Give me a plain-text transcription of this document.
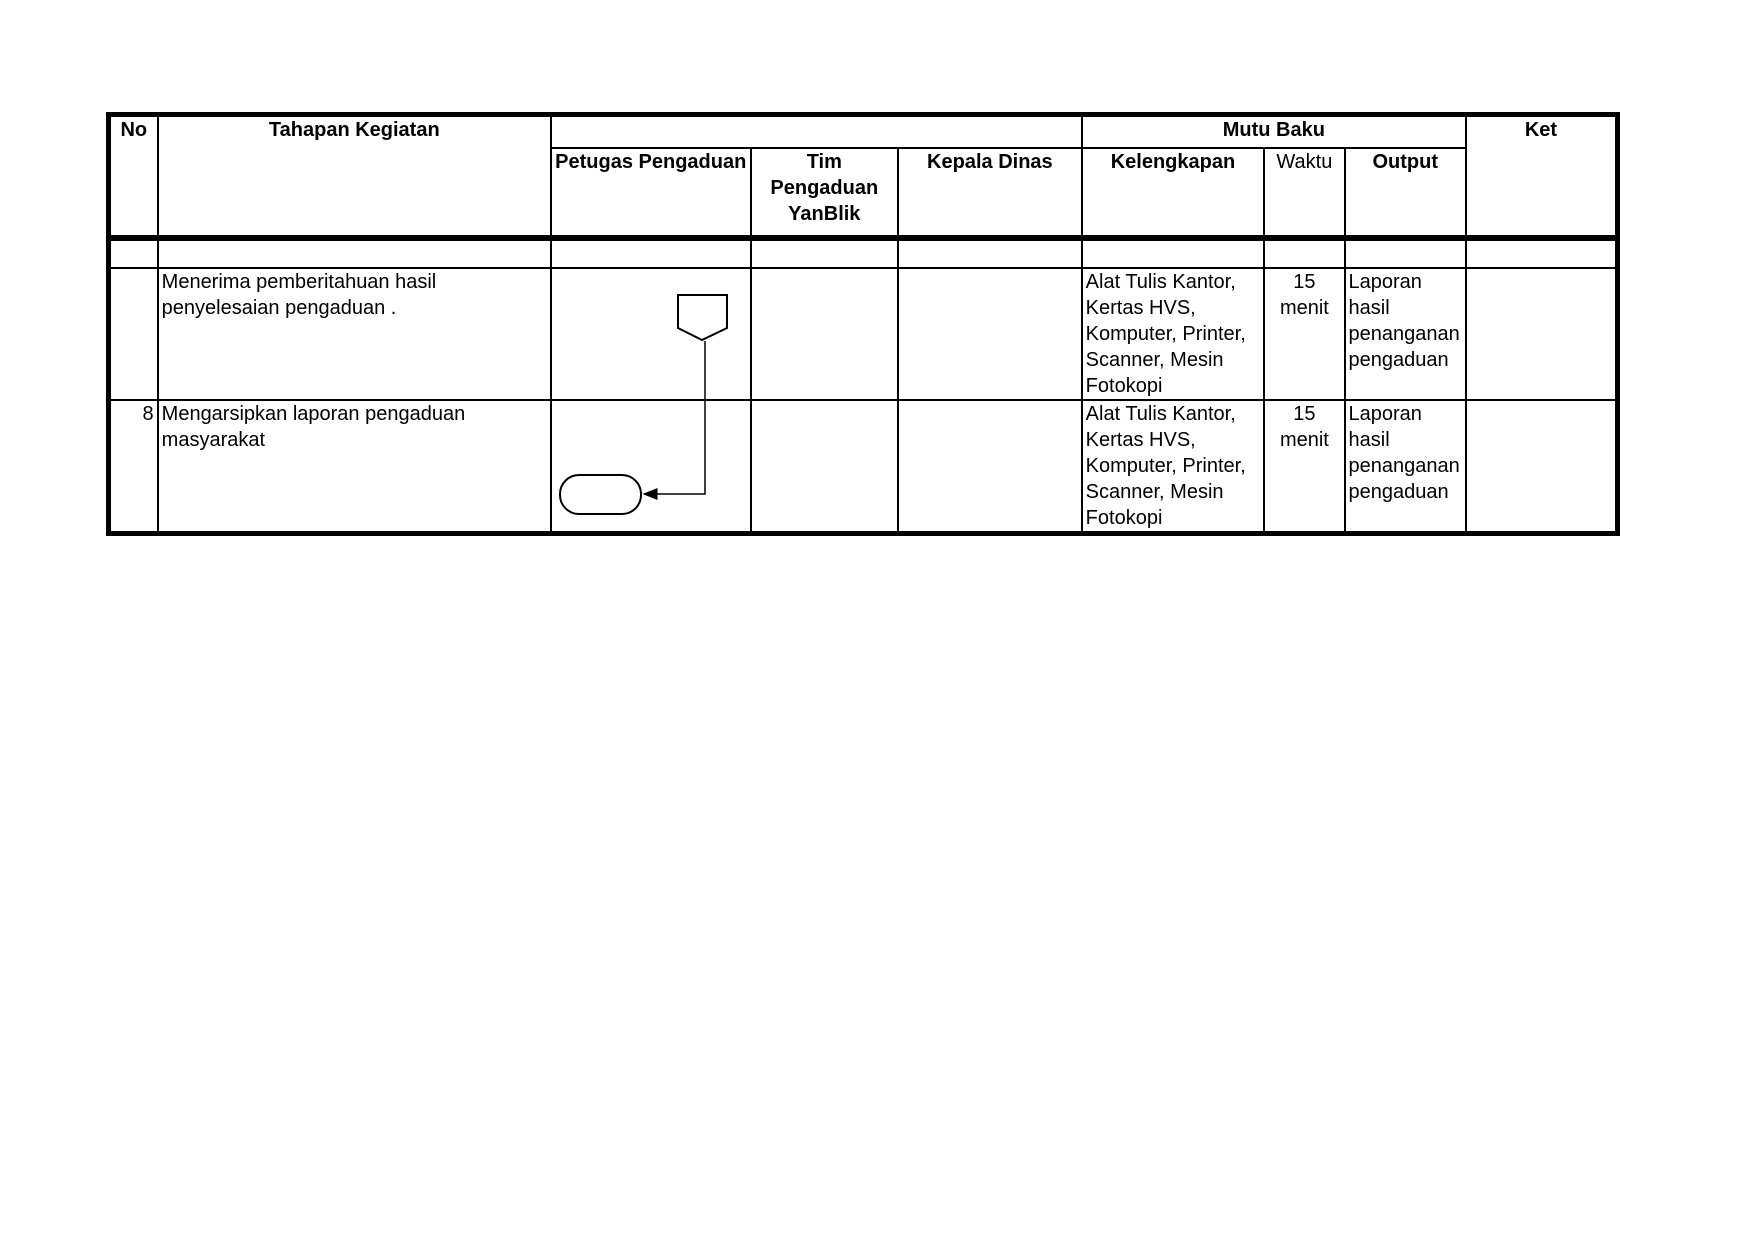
No	Tahapan Kegiatan				Mutu Baku			Ket
		Petugas Pengaduan	Tim Pengaduan YanBlik	Kepala Dinas	Kelengkapan	Waktu	Output	

	Menerima pemberitahuan hasil penyelesaian pengaduan .				Alat Tulis Kantor, Kertas HVS, Komputer, Printer, Scanner, Mesin Fotokopi	15 menit	Laporan hasil penanganan pengaduan	
8	Mengarsipkan laporan pengaduan masyarakat				Alat Tulis Kantor, Kertas HVS, Komputer, Printer, Scanner, Mesin Fotokopi	15 menit	Laporan hasil penanganan pengaduan	
